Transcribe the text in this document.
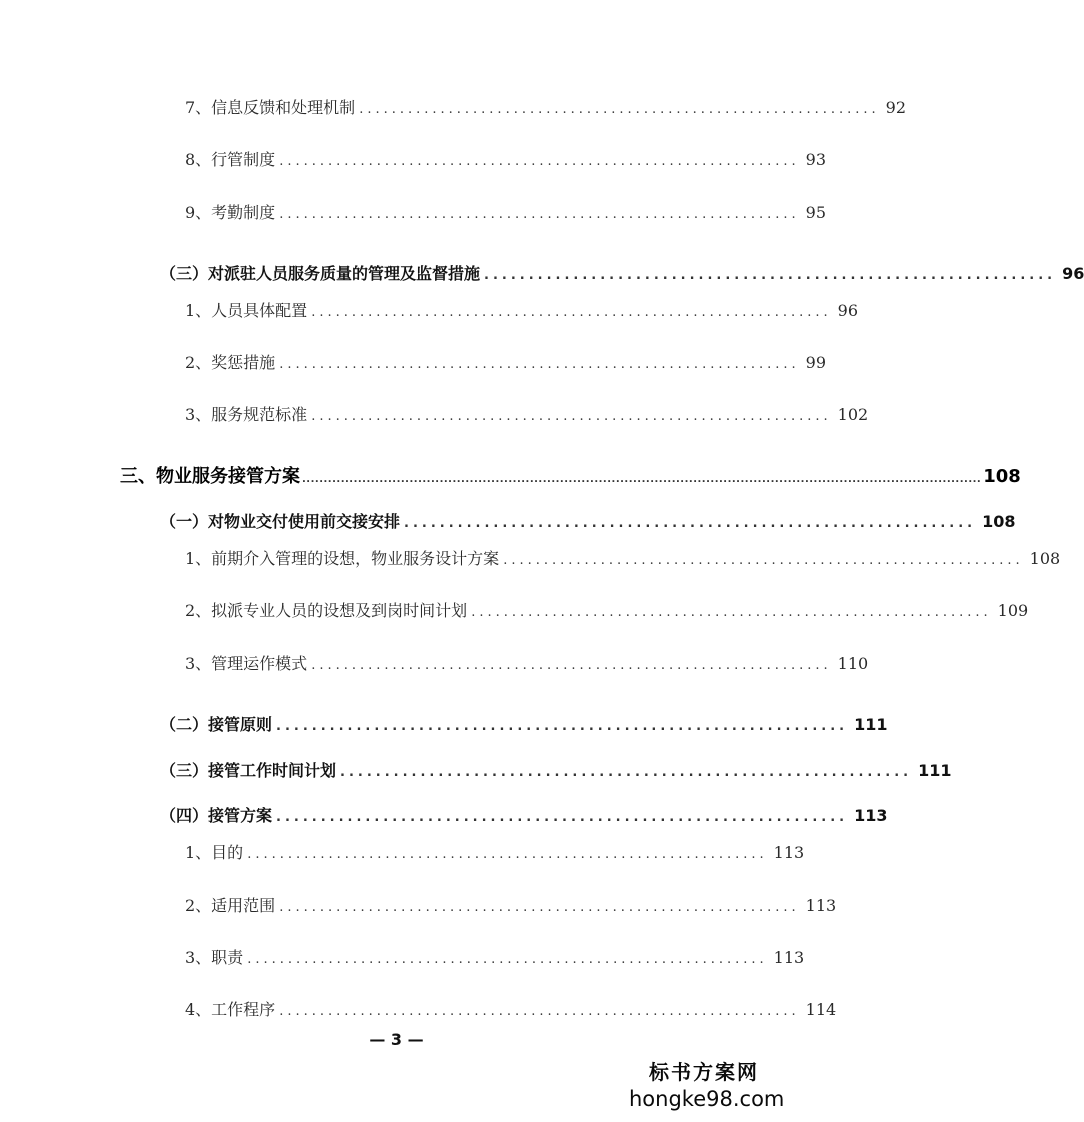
7、信息反馈和处理机制 ................................................................ 92
8、行管制度 ................................................................ 93
9、考勤制度 ................................................................ 95
（三）对派驻人员服务质量的管理及监督措施 ................................................................ 96
1、人员具体配置 ................................................................ 96
2、奖惩措施 ................................................................ 99
3、服务规范标准 ................................................................ 102
三、物业服务接管方案 .............................................................................................................................................................. 108
（一）对物业交付使用前交接安排 ................................................................ 108
1、前期介入管理的设想，物业服务设计方案 ................................................................ 108
2、拟派专业人员的设想及到岗时间计划 ................................................................ 109
3、管理运作模式 ................................................................ 110
（二）接管原则 ................................................................ 111
（三）接管工作时间计划 ................................................................ 111
（四）接管方案 ................................................................ 113
1、目的 ................................................................ 113
2、适用范围 ................................................................ 113
3、职责 ................................................................ 113
4、工作程序 ................................................................ 114
— 3 —
标书方案网
hongke98.com
